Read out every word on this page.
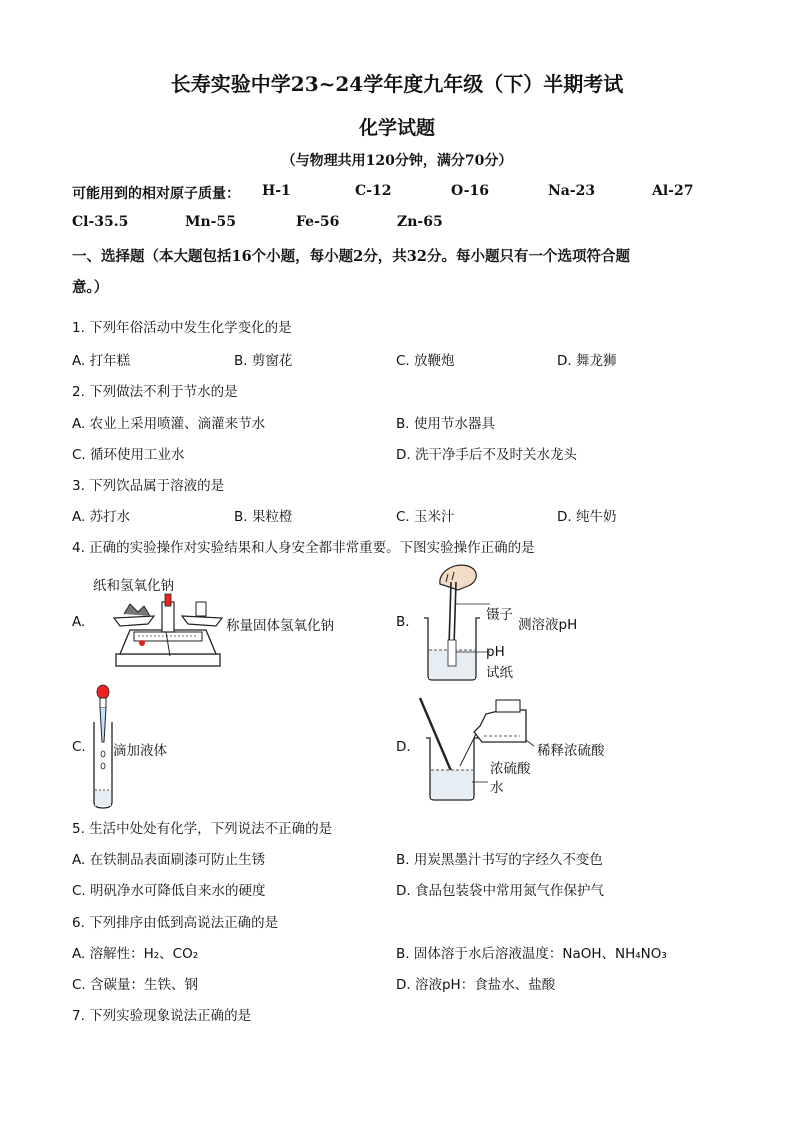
长寿实验中学23~24学年度九年级（下）半期考试
化学试题
（与物理共用120分钟，满分70分）
可能用到的相对原子质量： H-1	C-12	O-16	Na-23	Al-27
Cl-35.5	Mn-55	Fe-56	Zn-65
一、选择题（本大题包括16个小题，每小题2分，共32分。每小题只有一个选项符合题
意。）
1. 下列年俗活动中发生化学变化的是
A. 打年糕	B. 剪窗花	C. 放鞭炮	D. 舞龙狮
2. 下列做法不利于节水的是
A. 农业上采用喷灌、滴灌来节水	B. 使用节水器具
C. 循环使用工业水	D. 洗干净手后不及时关水龙头
3. 下列饮品属于溶液的是
A. 苏打水	B. 果粒橙	C. 玉米汁	D. 纯牛奶
4. 正确的实验操作对实验结果和人身安全都非常重要。下图实验操作正确的是
A.
纸和氢氧化钠
称量固体氢氧化钠	B.	镊子
测溶液pH
pH
试纸
C. 滴加液体	D.	稀释浓硫酸
浓硫酸
水
5. 生活中处处有化学，下列说法不正确的是
A. 在铁制品表面刷漆可防止生锈	B. 用炭黑墨汁书写的字经久不变色
C. 明矾净水可降低自来水的硬度	D. 食品包装袋中常用氮气作保护气
6. 下列排序由低到高说法正确的是
A. 溶解性：H₂、CO₂	B. 固体溶于水后溶液温度：NaOH、NH₄NO₃
C. 含碳量：生铁、钢	D. 溶液pH：食盐水、盐酸
7. 下列实验现象说法正确的是
